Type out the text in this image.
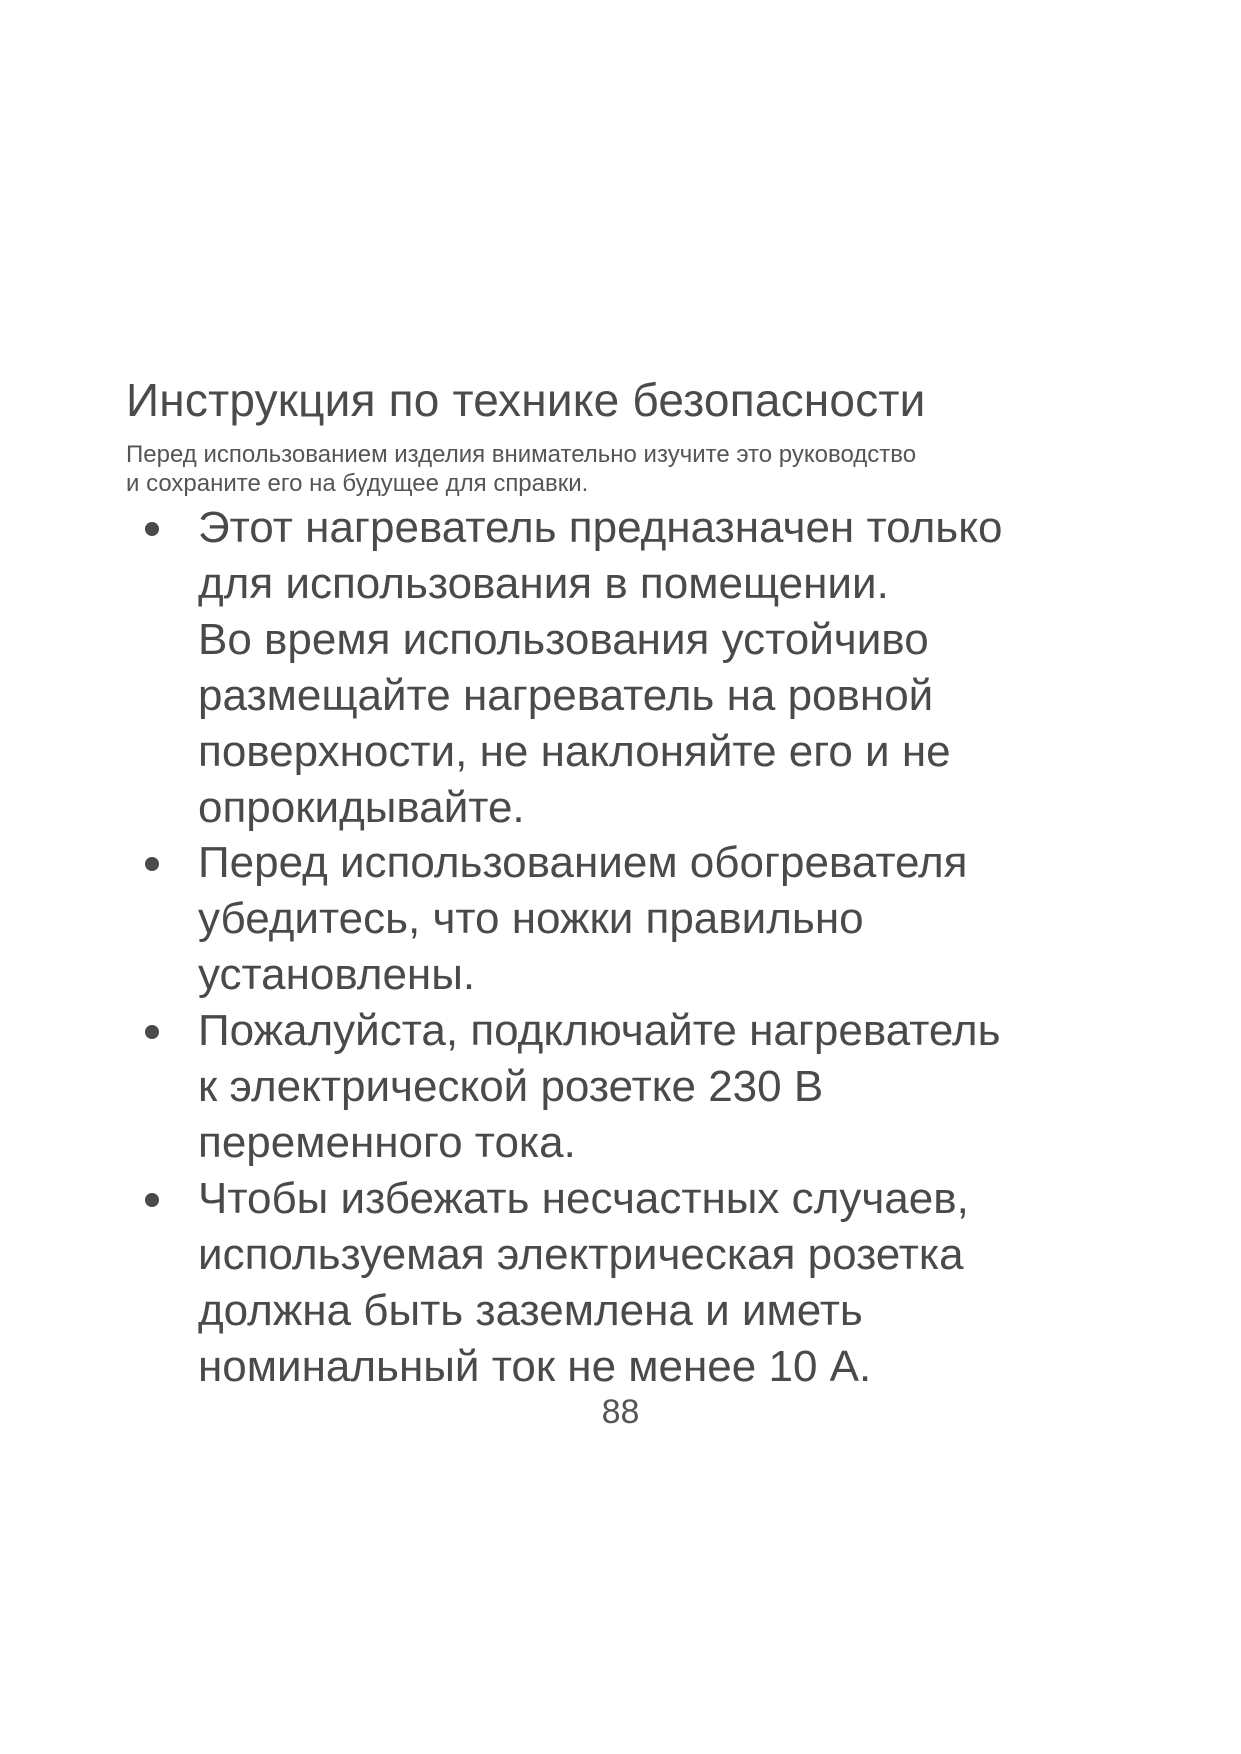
Инструкция по технике безопасности
Перед использованием изделия внимательно изучите это руководство
и сохраните его на будущее для справки.
Этот нагреватель предназначен только
для использования в помещении.
Во время использования устойчиво
размещайте нагреватель на ровной
поверхности, не наклоняйте его и не
опрокидывайте.
Перед использованием обогревателя
убедитесь, что ножки правильно
установлены.
Пожалуйста, подключайте нагреватель
к электрической розетке 230 В
переменного тока.
Чтобы избежать несчастных случаев,
используемая электрическая розетка
должна быть заземлена и иметь
номинальный ток не менее 10 А.
88
